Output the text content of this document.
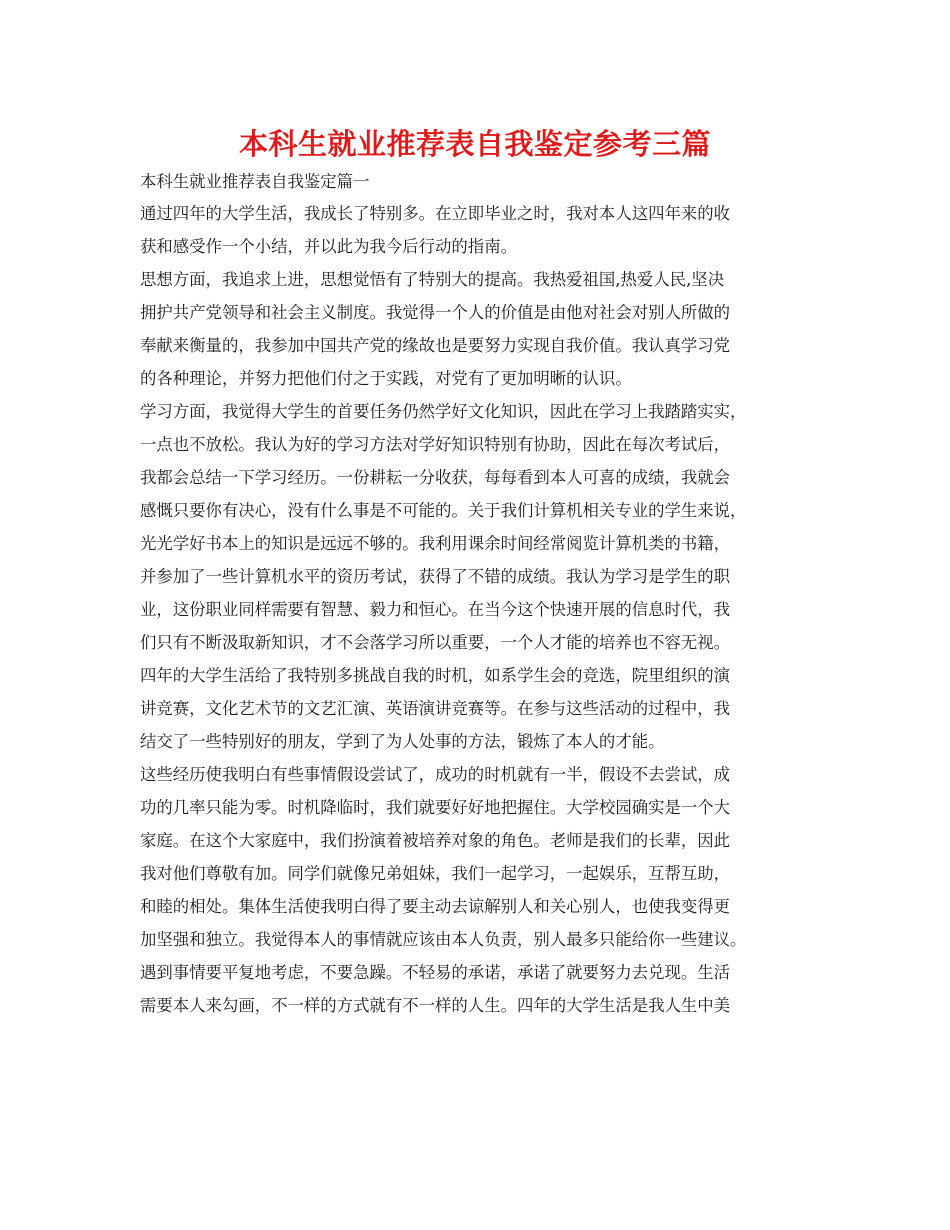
本科生就业推荐表自我鉴定参考三篇
本科生就业推荐表自我鉴定篇一
通过四年的大学生活，我成长了特别多。在立即毕业之时，我对本人这四年来的收
获和感受作一个小结，并以此为我今后行动的指南。
思想方面，我追求上进，思想觉悟有了特别大的提高。我热爱祖国,热爱人民,坚决
拥护共产党领导和社会主义制度。我觉得一个人的价值是由他对社会对别人所做的
奉献来衡量的，我参加中国共产党的缘故也是要努力实现自我价值。我认真学习党
的各种理论，并努力把他们付之于实践，对党有了更加明晰的认识。
学习方面，我觉得大学生的首要任务仍然学好文化知识，因此在学习上我踏踏实实，
一点也不放松。我认为好的学习方法对学好知识特别有协助，因此在每次考试后，
我都会总结一下学习经历。一份耕耘一分收获，每每看到本人可喜的成绩，我就会
感慨只要你有决心，没有什么事是不可能的。关于我们计算机相关专业的学生来说，
光光学好书本上的知识是远远不够的。我利用课余时间经常阅览计算机类的书籍，
并参加了一些计算机水平的资历考试，获得了不错的成绩。我认为学习是学生的职
业，这份职业同样需要有智慧、毅力和恒心。在当今这个快速开展的信息时代，我
们只有不断汲取新知识，才不会落学习所以重要，一个人才能的培养也不容无视。
四年的大学生活给了我特别多挑战自我的时机，如系学生会的竞选，院里组织的演
讲竞赛，文化艺术节的文艺汇演、英语演讲竞赛等。在参与这些活动的过程中，我
结交了一些特别好的朋友，学到了为人处事的方法，锻炼了本人的才能。
这些经历使我明白有些事情假设尝试了，成功的时机就有一半，假设不去尝试，成
功的几率只能为零。时机降临时，我们就要好好地把握住。大学校园确实是一个大
家庭。在这个大家庭中，我们扮演着被培养对象的角色。老师是我们的长辈，因此
我对他们尊敬有加。同学们就像兄弟姐妹，我们一起学习，一起娱乐，互帮互助，
和睦的相处。集体生活使我明白得了要主动去谅解别人和关心别人，也使我变得更
加坚强和独立。我觉得本人的事情就应该由本人负责，别人最多只能给你一些建议。
遇到事情要平复地考虑，不要急躁。不轻易的承诺，承诺了就要努力去兑现。生活
需要本人来勾画，不一样的方式就有不一样的人生。四年的大学生活是我人生中美
